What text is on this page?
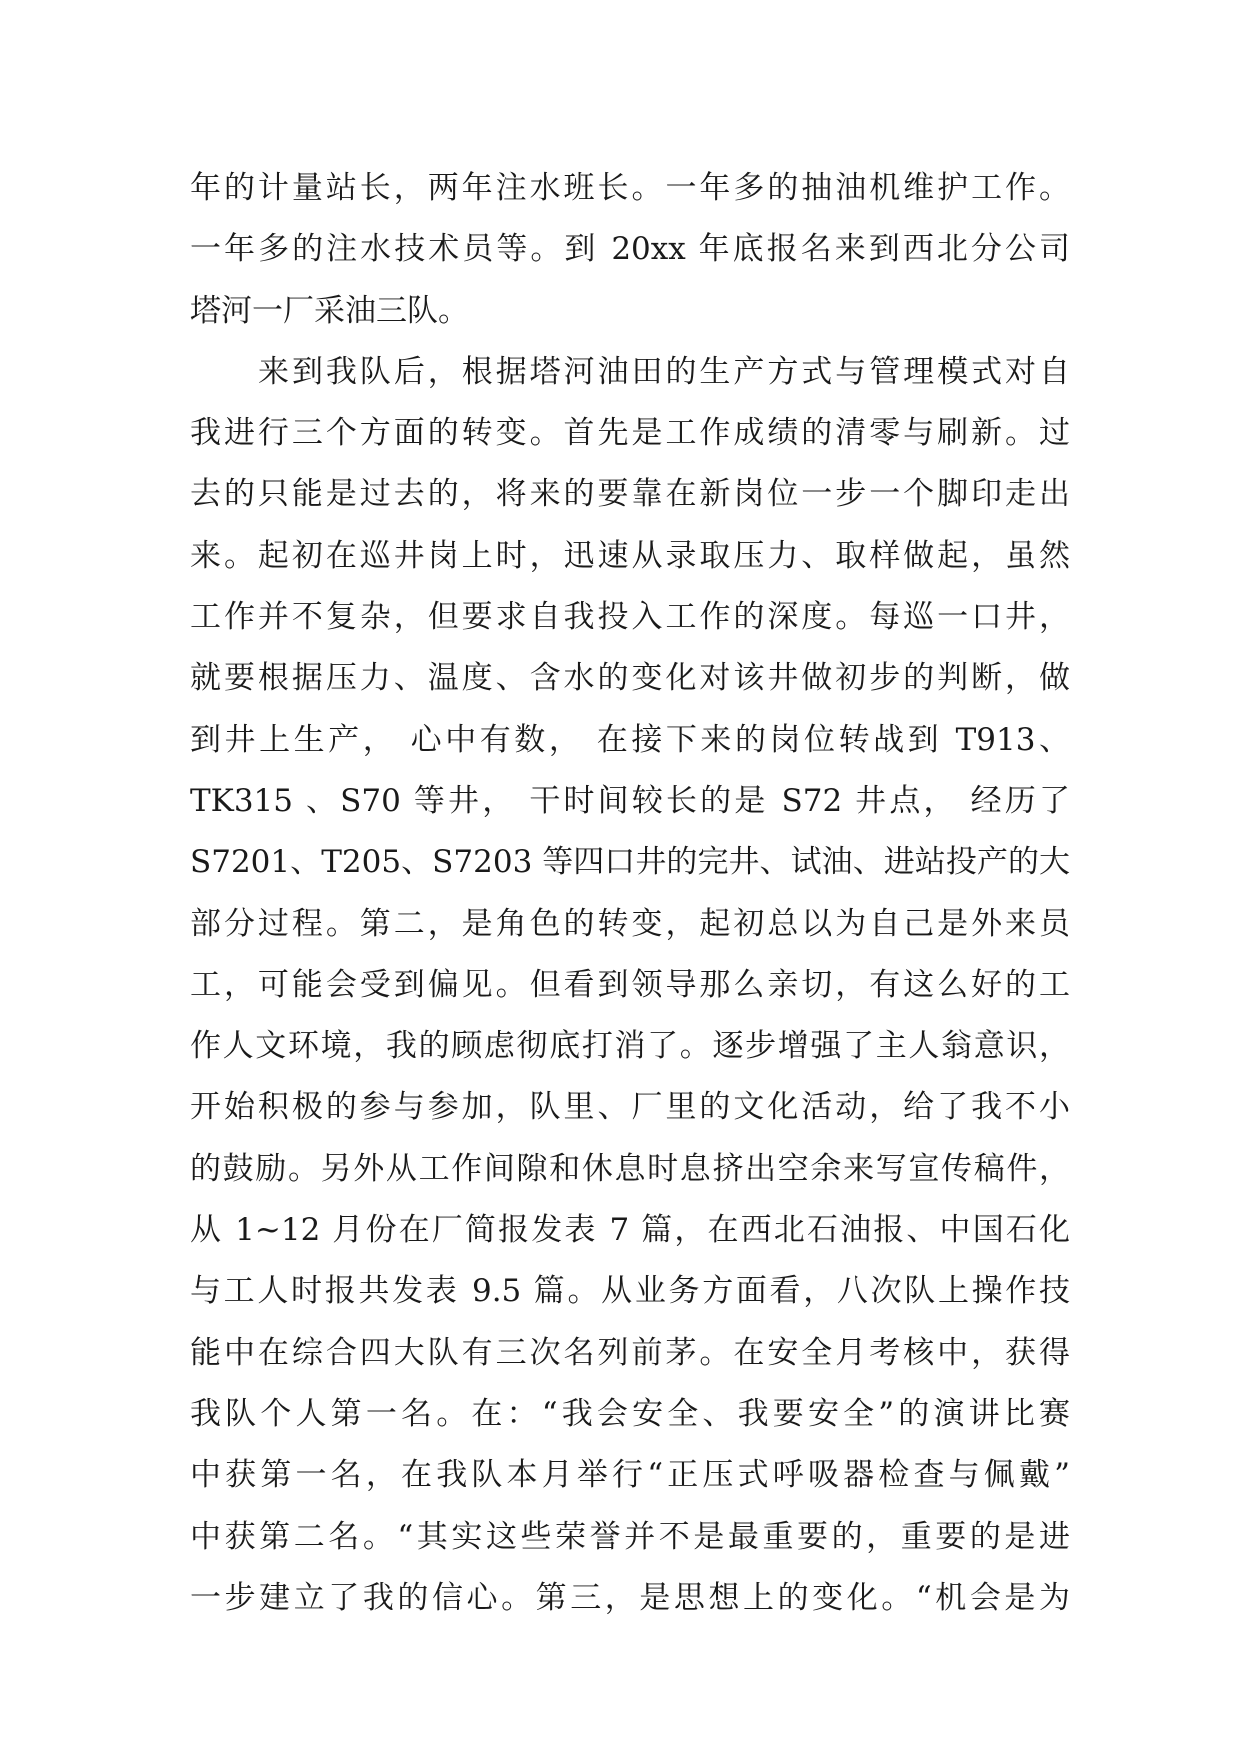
年的计量站长，两年注水班长。一年多的抽油机维护工作。
一年多的注水技术员等。到 20xx 年底报名来到西北分公司
塔河一厂采油三队。
来到我队后，根据塔河油田的生产方式与管理模式对自
我进行三个方面的转变。首先是工作成绩的清零与刷新。过
去的只能是过去的，将来的要靠在新岗位一步一个脚印走出
来。起初在巡井岗上时，迅速从录取压力、取样做起，虽然
工作并不复杂，但要求自我投入工作的深度。每巡一口井，
就要根据压力、温度、含水的变化对该井做初步的判断，做
到井上生产， 心中有数， 在接下来的岗位转战到 T913、
TK315 、S70 等井， 干时间较长的是 S72 井点， 经历了
S7201、T205、S7203 等四口井的完井、试油、进站投产的大
部分过程。第二，是角色的转变，起初总以为自己是外来员
工，可能会受到偏见。但看到领导那么亲切，有这么好的工
作人文环境，我的顾虑彻底打消了。逐步增强了主人翁意识，
开始积极的参与参加，队里、厂里的文化活动，给了我不小
的鼓励。另外从工作间隙和休息时息挤出空余来写宣传稿件，
从 1~12 月份在厂简报发表 7 篇，在西北石油报、中国石化
与工人时报共发表 9.5 篇。从业务方面看，八次队上操作技
能中在综合四大队有三次名列前茅。在安全月考核中，获得
我队个人第一名。在：“我会安全、我要安全”的演讲比赛
中获第一名，在我队本月举行“正压式呼吸器检查与佩戴”
中获第二名。“其实这些荣誉并不是最重要的，重要的是进
一步建立了我的信心。第三，是思想上的变化。“机会是为
